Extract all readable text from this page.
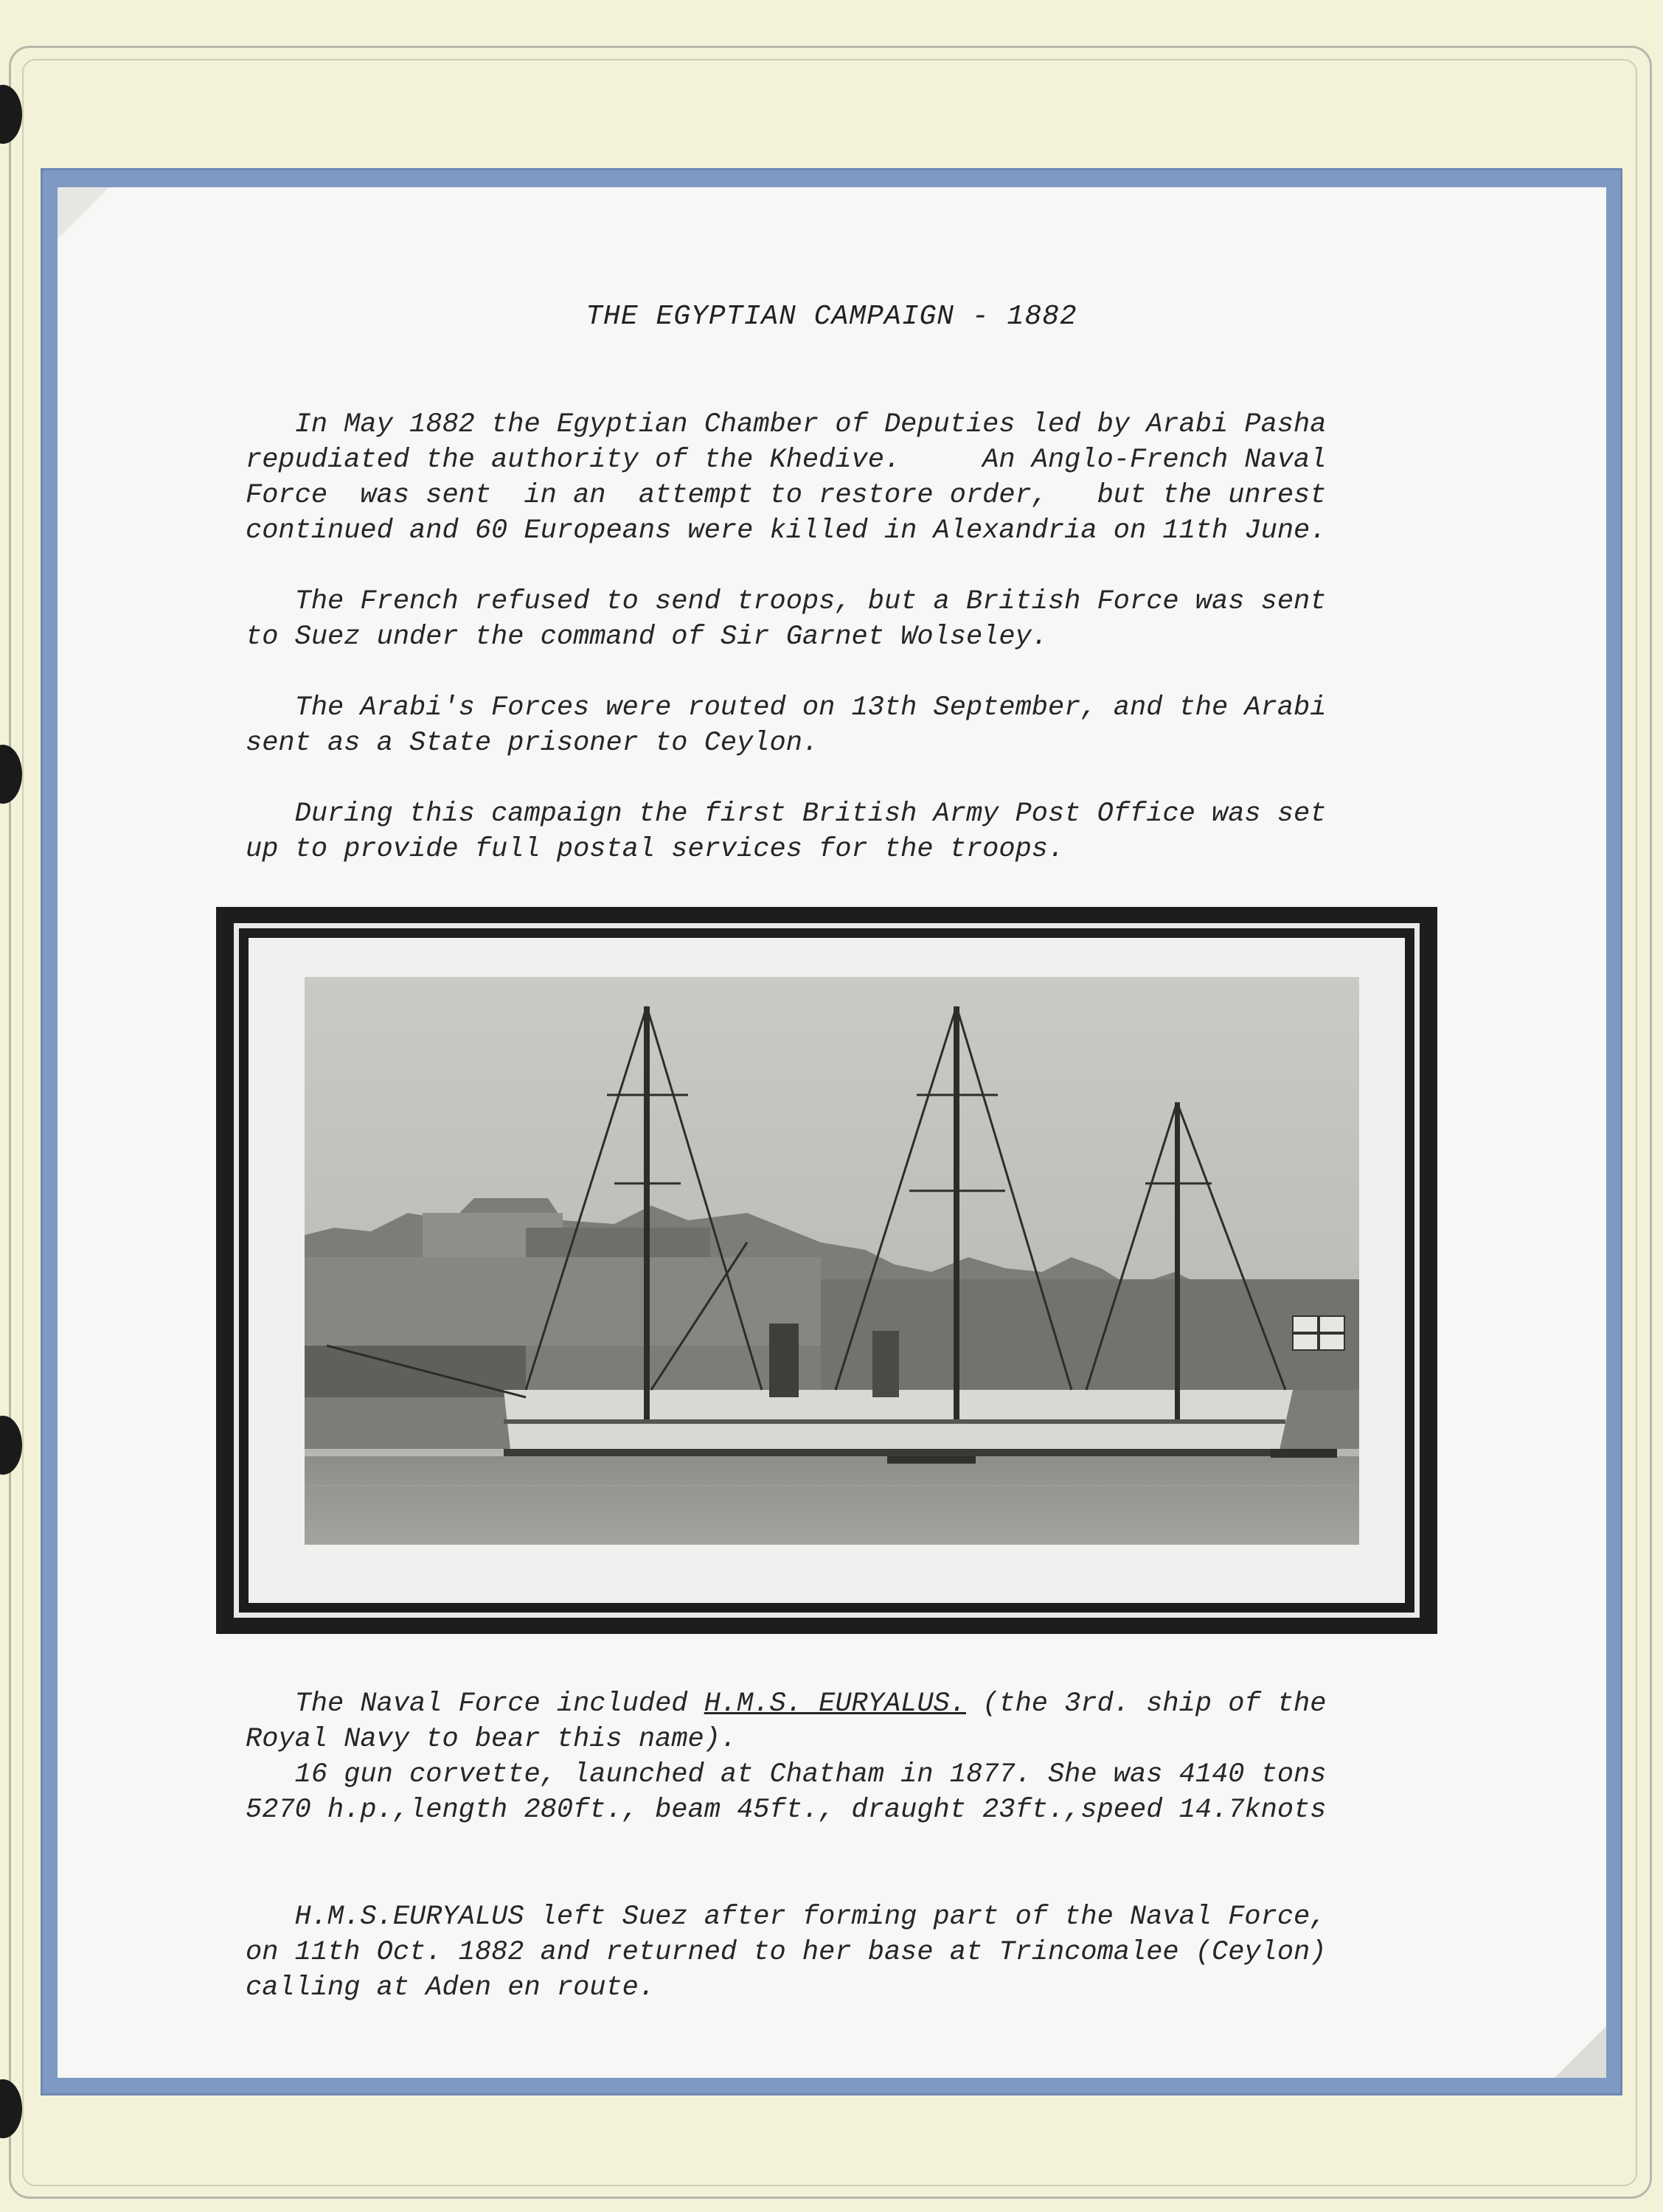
THE EGYPTIAN CAMPAIGN - 1882

In May 1882 the Egyptian Chamber of Deputies led by Arabi Pasha
repudiated the authority of the Khedive.     An Anglo-French Naval
Force  was sent  in an  attempt to restore order,   but the unrest
continued and 60 Europeans were killed in Alexandria on 11th June.

The French refused to send troops, but a British Force was sent
to Suez under the command of Sir Garnet Wolseley.

The Arabi's Forces were routed on 13th September, and the Arabi
sent as a State prisoner to Ceylon.

During this campaign the first British Army Post Office was set
up to provide full postal services for the troops.

The Naval Force included H.M.S. EURYALUS. (the 3rd. ship of the
Royal Navy to bear this name).
16 gun corvette, launched at Chatham in 1877. She was 4140 tons
5270 h.p.,length 280ft., beam 45ft., draught 23ft.,speed 14.7knots

H.M.S.EURYALUS left Suez after forming part of the Naval Force,
on 11th Oct. 1882 and returned to her base at Trincomalee (Ceylon)
calling at Aden en route.
